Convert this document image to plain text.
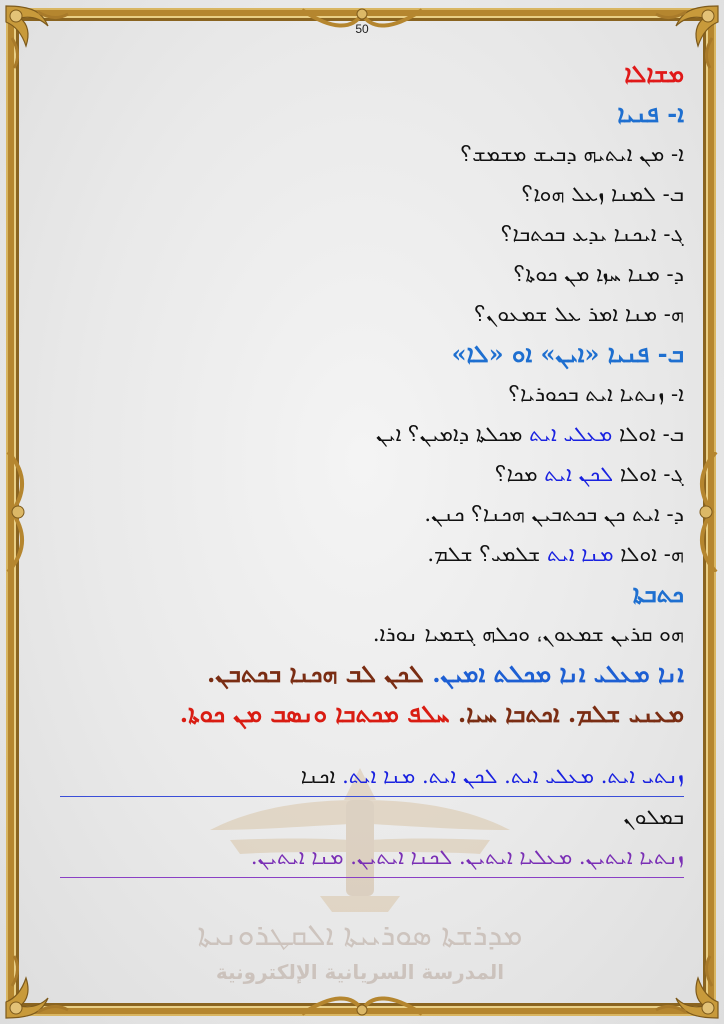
ܡܕܪܫܬܐ ܣܘܪܝܝܬܐ ܐܠܩܛܪܘܢܝܬܐ
المدرسة السريانية الإلكترونية
50
ܡܫܐܠܐ
ܐ- ܦܢܝܐ
ܐ- ܡܢ ܐܝܬܝܗ ܕܒܝܫ ܡܫܡܫ؟
ܒ- ܠܡܢܐ ܙܥܠ ܗܘܐ؟
ܓ- ܐܝܟܢܐ ܝܕܥ ܒܟܬܒܐ؟
ܕ- ܡܢܐ ܚܙܐ ܡܢ ܟܘܬܐ؟
ܗ- ܡܢܐ ܐܡܪ ܥܠ ܫܡܥܘܢ؟
ܒ- ܦܢܝܐ «ܐܝܢ» ܐܘ «ܠܐ»
ܐ- ܙܢܬܝܐ ܐܝܬ ܒܟܘܪܝܐ؟
ܒ- ܐܘܠܐ ܡܥܠܝ ܐܝܬ ܡܟܠܬܐ ܕܐܡܝܢ؟ ܐܝܢ
ܓ- ܐܘܠܐ ܠܟܢ ܐܝܬ ܡܟܐ؟
ܕ- ܐܝܬ ܟܢ ܒܟܬܒܝܢ ܗܟܢܐ؟ ܟܢܢ.
ܗ- ܐܘܠܐ ܡܢܐ ܐܝܬ ܫܠܡܝ؟ ܫܠܡ.
ܟܬܒܬܐ
ܗܘ ܩܪܝܢ ܫܡܥܘܢ، ܘܟܠܗ ܓܫܡܝܐ ܢܘܪܐ.
ܐܢܐ ܡܥܠܝ ܐܢܐ ܡܟܠܬ ܐܡܝܢ. ܠܟܢ ܠܒ ܗܟܢܐ ܒܟܬܒܢ.
ܡܥܢܝ ܫܠܡ. ܐܟܬܒܐ ܚܝܐ. ܚܠܦ ܡܟܬܒܐ ܘܢܣܒ ܡܢ ܟܘܬܐ.
ܙܢܬܝ ܐܝܬ. ܡܥܠܝ ܐܝܬ. ܠܟܢ ܐܝܬ. ܡܢܐ ܐܝܬ. ܐܟܢܐ
ܒܡܠܘܢ
ܙܢܬܝܐ ܐܝܬܝܢ. ܡܥܠܝܐ ܐܝܬܝܢ. ܠܟܢܐ ܐܝܬܝܢ. ܡܢܐ ܐܝܬܝܢ.
